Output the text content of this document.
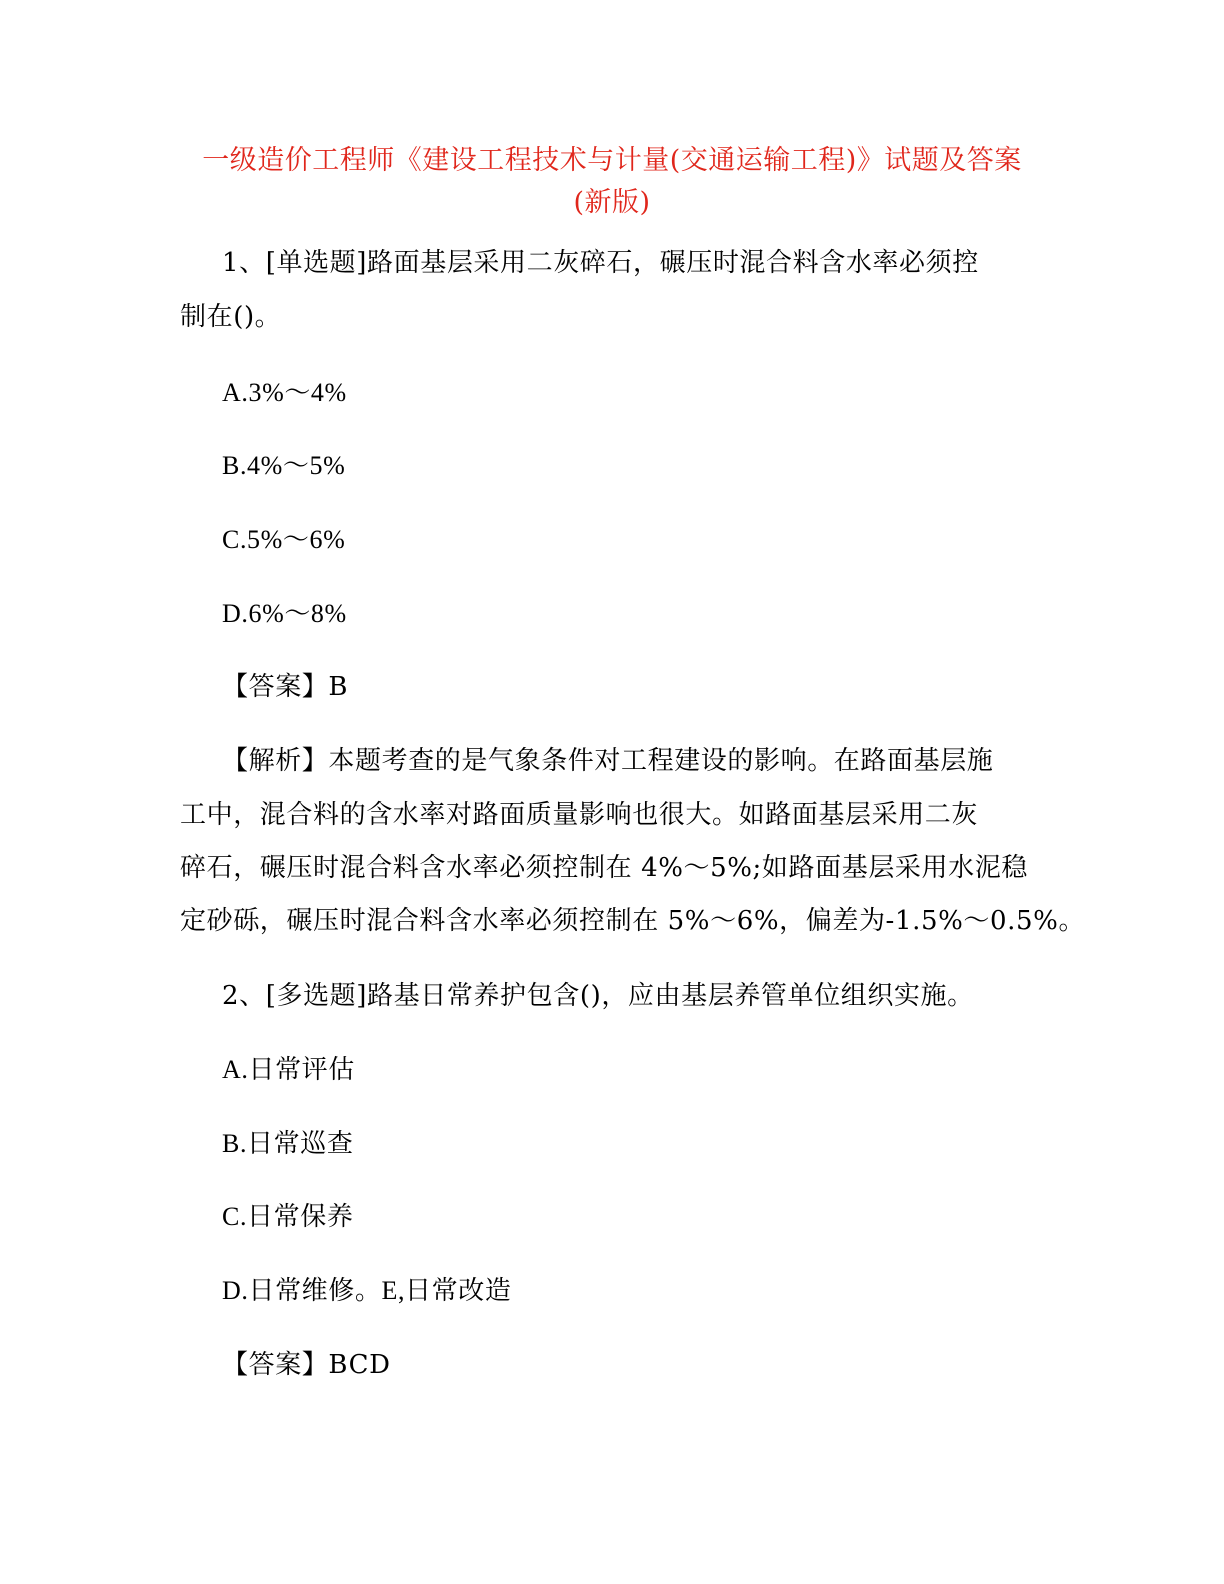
一级造价工程师《建设工程技术与计量(交通运输工程)》试题及答案
(新版)
1、[单选题]路面基层采用二灰碎石，碾压时混合料含水率必须控
制在()。
A.3%～4%
B.4%～5%
C.5%～6%
D.6%～8%
【答案】B
【解析】本题考查的是气象条件对工程建设的影响。在路面基层施
工中，混合料的含水率对路面质量影响也很大。如路面基层采用二灰
碎石，碾压时混合料含水率必须控制在 4%～5%;如路面基层采用水泥稳
定砂砾，碾压时混合料含水率必须控制在 5%～6%，偏差为-1.5%～0.5%。
2、[多选题]路基日常养护包含()，应由基层养管单位组织实施。
A.日常评估
B.日常巡查
C.日常保养
D.日常维修。E,日常改造
【答案】BCD
